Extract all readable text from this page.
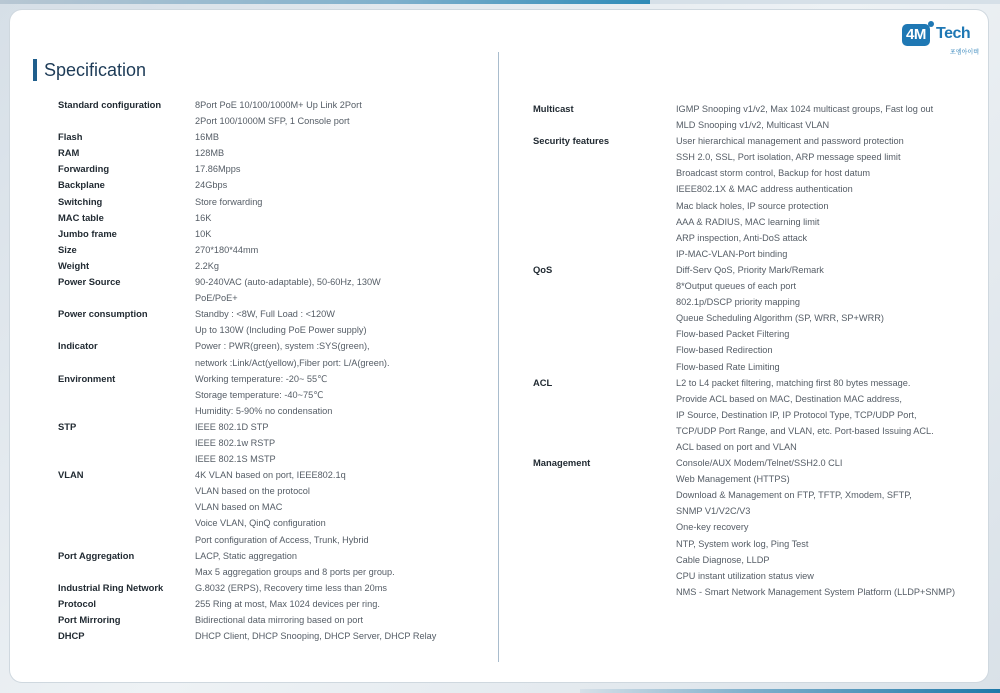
4M Tech
포엠아이텍
Specification
Standard configuration	8Port PoE 10/100/1000M+ Up Link 2Port
2Port 100/1000M SFP, 1 Console port
Flash	16MB
RAM	128MB
Forwarding	17.86Mpps
Backplane	24Gbps
Switching	Store forwarding
MAC table	16K
Jumbo frame	10K
Size	270*180*44mm
Weight	2.2Kg
Power Source	90-240VAC (auto-adaptable), 50-60Hz, 130W
PoE/PoE+
Power consumption	Standby : <8W, Full Load : <120W
Up to 130W (Including PoE Power supply)
Indicator	Power : PWR(green), system :SYS(green),
network :Link/Act(yellow),Fiber port: L/A(green).
Environment	Working temperature: -20~ 55℃
Storage temperature: -40~75℃
Humidity: 5-90% no condensation
STP	IEEE 802.1D STP
IEEE 802.1w RSTP
IEEE 802.1S MSTP
VLAN	4K VLAN based on port, IEEE802.1q
VLAN based on the protocol
VLAN based on MAC
Voice VLAN, QinQ configuration
Port configuration of Access, Trunk, Hybrid
Port Aggregation	LACP, Static aggregation
Max 5 aggregation groups and 8 ports per group.
Industrial Ring Network	G.8032 (ERPS), Recovery time less than 20ms
Protocol	255 Ring at most, Max 1024 devices per ring.
Port Mirroring	Bidirectional data mirroring based on port
DHCP	DHCP Client, DHCP Snooping, DHCP Server, DHCP Relay
Multicast	IGMP Snooping v1/v2, Max 1024 multicast groups, Fast log out
MLD Snooping v1/v2, Multicast VLAN
Security features	User hierarchical management and password protection
SSH 2.0, SSL, Port isolation, ARP message speed limit
Broadcast storm control, Backup for host datum
IEEE802.1X & MAC address authentication
Mac black holes, IP source protection
AAA & RADIUS, MAC learning limit
ARP inspection, Anti-DoS attack
IP-MAC-VLAN-Port binding
QoS	Diff-Serv QoS, Priority Mark/Remark
8*Output queues of each port
802.1p/DSCP priority mapping
Queue Scheduling Algorithm (SP, WRR, SP+WRR)
Flow-based Packet Filtering
Flow-based Redirection
Flow-based Rate Limiting
ACL	L2 to L4 packet filtering, matching first 80 bytes message.
Provide ACL based on MAC, Destination MAC address,
IP Source, Destination IP, IP Protocol Type, TCP/UDP Port,
TCP/UDP Port Range, and VLAN, etc. Port-based Issuing ACL.
ACL based on port and VLAN
Management	Console/AUX Modem/Telnet/SSH2.0 CLI
Web Management (HTTPS)
Download & Management on FTP, TFTP, Xmodem, SFTP,
SNMP V1/V2C/V3
One-key recovery
NTP, System work log, Ping Test
Cable Diagnose, LLDP
CPU instant utilization status view
NMS - Smart Network Management System Platform (LLDP+SNMP)
